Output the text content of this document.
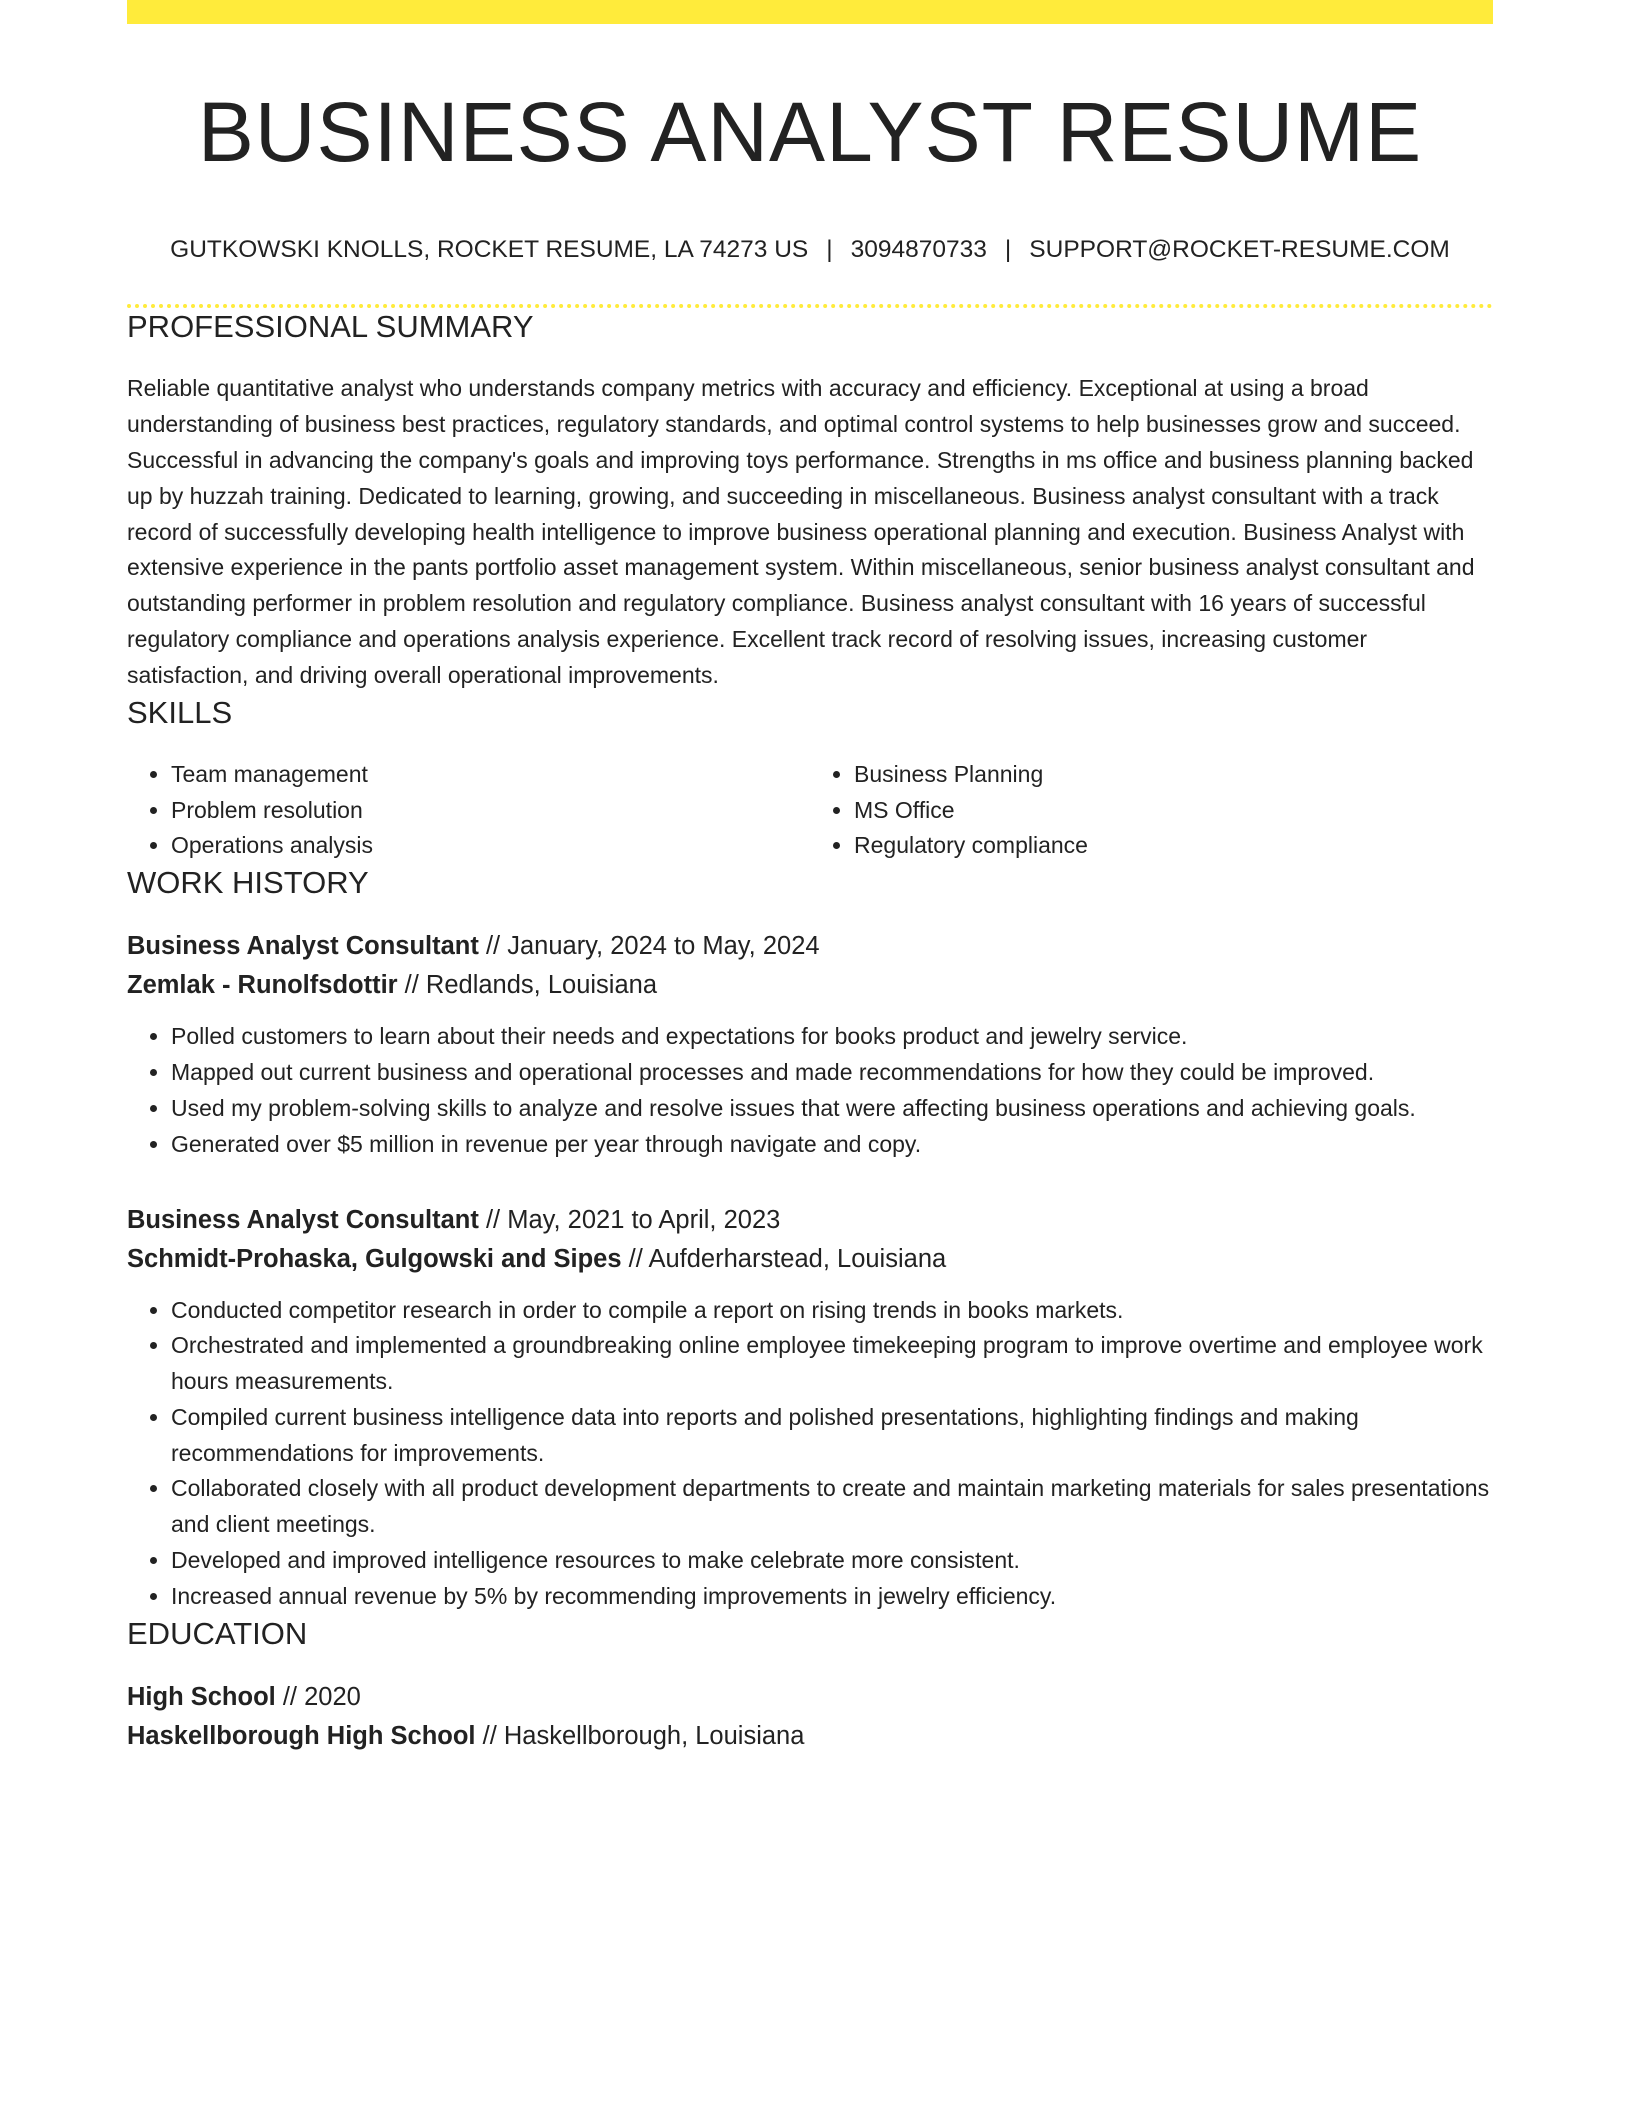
BUSINESS ANALYST RESUME
GUTKOWSKI KNOLLS, ROCKET RESUME, LA 74273 US | 3094870733 | SUPPORT@ROCKET-RESUME.COM
PROFESSIONAL SUMMARY
Reliable quantitative analyst who understands company metrics with accuracy and efficiency. Exceptional at using a broad understanding of business best practices, regulatory standards, and optimal control systems to help businesses grow and succeed. Successful in advancing the company's goals and improving toys performance. Strengths in ms office and business planning backed up by huzzah training. Dedicated to learning, growing, and succeeding in miscellaneous. Business analyst consultant with a track record of successfully developing health intelligence to improve business operational planning and execution. Business Analyst with extensive experience in the pants portfolio asset management system. Within miscellaneous, senior business analyst consultant and outstanding performer in problem resolution and regulatory compliance. Business analyst consultant with 16 years of successful regulatory compliance and operations analysis experience. Excellent track record of resolving issues, increasing customer satisfaction, and driving overall operational improvements.
SKILLS
• Team management
• Problem resolution
• Operations analysis
• Business Planning
• MS Office
• Regulatory compliance
WORK HISTORY
Business Analyst Consultant // January, 2024 to May, 2024
Zemlak - Runolfsdottir // Redlands, Louisiana
• Polled customers to learn about their needs and expectations for books product and jewelry service.
• Mapped out current business and operational processes and made recommendations for how they could be improved.
• Used my problem-solving skills to analyze and resolve issues that were affecting business operations and achieving goals.
• Generated over $5 million in revenue per year through navigate and copy.
Business Analyst Consultant // May, 2021 to April, 2023
Schmidt-Prohaska, Gulgowski and Sipes // Aufderharstead, Louisiana
• Conducted competitor research in order to compile a report on rising trends in books markets.
• Orchestrated and implemented a groundbreaking online employee timekeeping program to improve overtime and employee work hours measurements.
• Compiled current business intelligence data into reports and polished presentations, highlighting findings and making recommendations for improvements.
• Collaborated closely with all product development departments to create and maintain marketing materials for sales presentations and client meetings.
• Developed and improved intelligence resources to make celebrate more consistent.
• Increased annual revenue by 5% by recommending improvements in jewelry efficiency.
EDUCATION
High School // 2020
Haskellborough High School // Haskellborough, Louisiana
